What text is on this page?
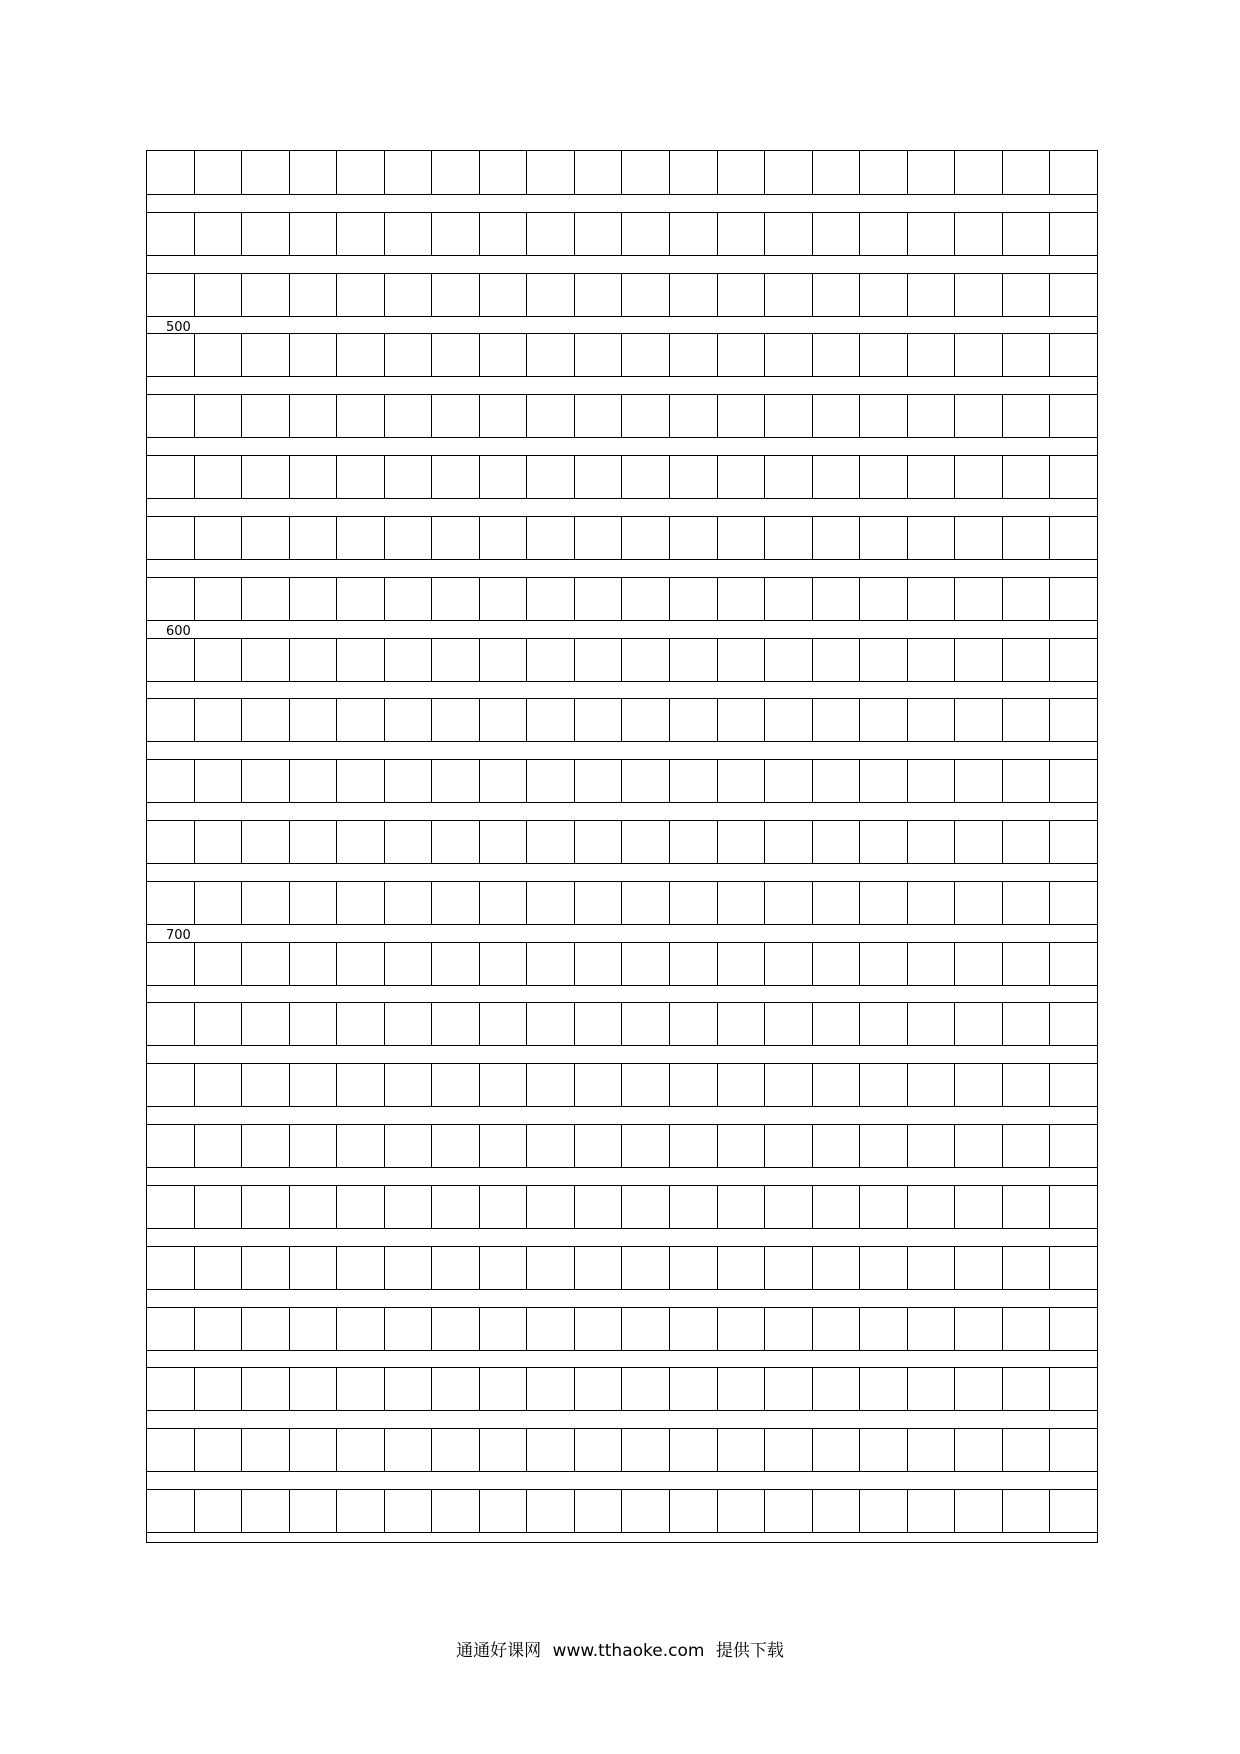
500
600
700
通通好课网 www.tthaoke.com 提供下载
